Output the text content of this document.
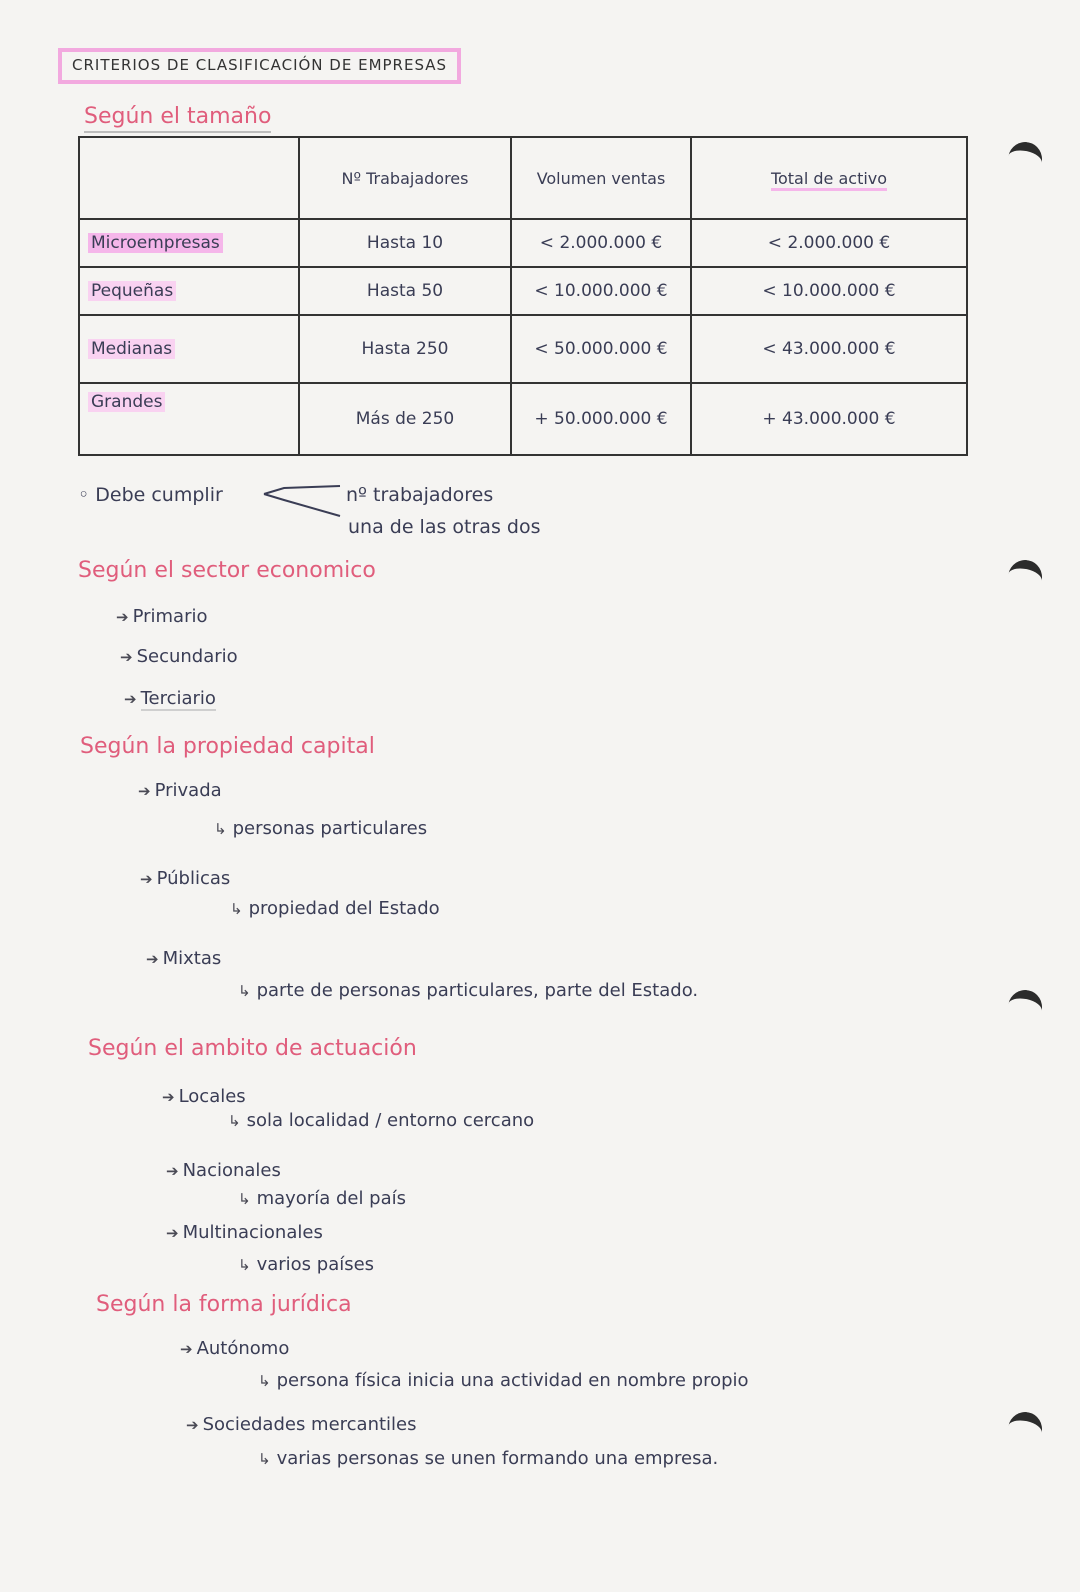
CRITERIOS DE CLASIFICACIÓN DE EMPRESAS
Según el tamaño
	Nº Trabajadores	Volumen ventas	Total de activo
Microempresas	Hasta 10	< 2.000.000 €	< 2.000.000 €
Pequeñas	Hasta 50	< 10.000.000 €	< 10.000.000 €
Medianas	Hasta 250	< 50.000.000 €	< 43.000.000 €
Grandes	Más de 250	+ 50.000.000 €	+ 43.000.000 €
◦ Debe cumplir	nº trabajadores
una de las otras dos
Según el sector economico
➔ Primario
➔ Secundario
➔ Terciario
Según la propiedad capital
➔ Privada
↳ personas particulares
➔ Públicas
↳ propiedad del Estado
➔ Mixtas
↳ parte de personas particulares, parte del Estado.
Según el ambito de actuación
➔ Locales
↳ sola localidad / entorno cercano
➔ Nacionales
↳ mayoría del país
➔ Multinacionales
↳ varios países
Según la forma jurídica
➔ Autónomo
↳ persona física inicia una actividad en nombre propio
➔ Sociedades mercantiles
↳ varias personas se unen formando una empresa.
